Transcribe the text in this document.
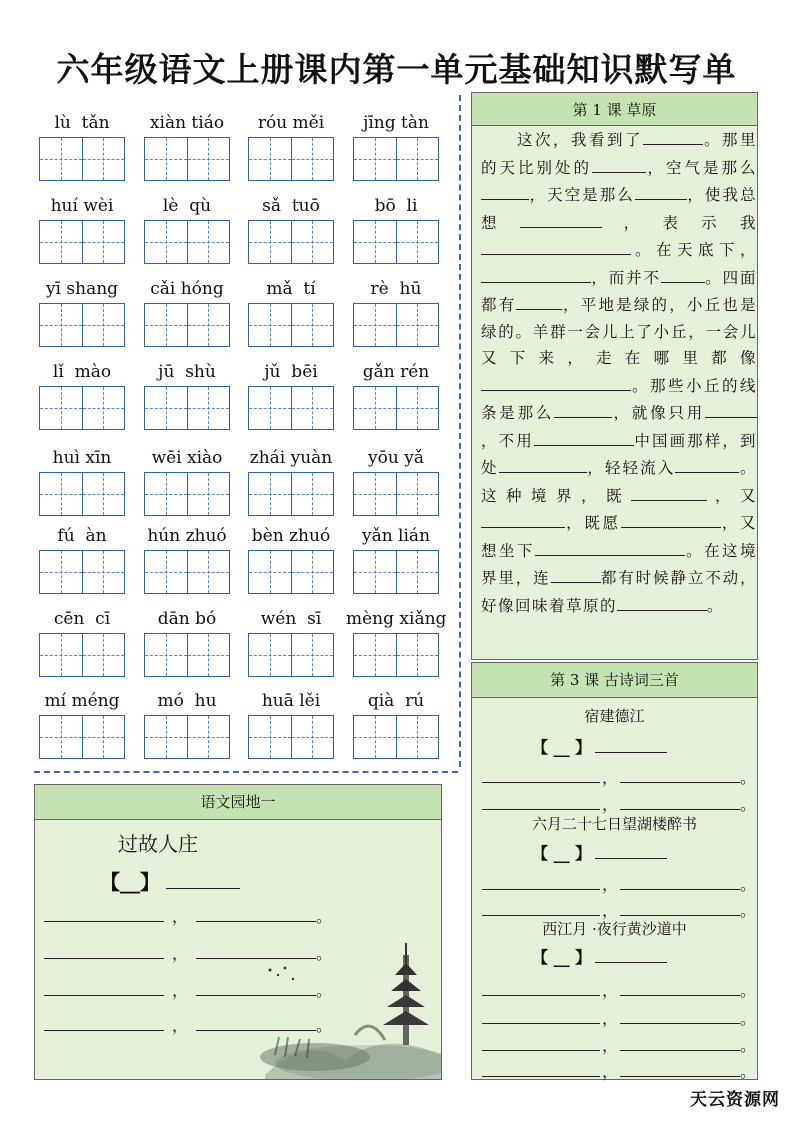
六年级语文上册课内第一单元基础知识默写单
lù  tǎn	xiàn tiáo	róu měi	jīng tàn
huí wèi	lè  qù	sǎ  tuō	bō  li
yī shang	cǎi hóng	mǎ  tí	rè  hū
lǐ  mào	jū  shù	jǔ  bēi	gǎn rén
huì xīn	wēi xiào	zhái yuàn	yōu yǎ
fú  àn	hún zhuó	bèn zhuó	yǎn lián
cēn  cī	dān bó	wén  sī	mèng xiǎng
mí méng	mó  hu	huā lěi	qià  rú
语文园地一
过故人庄
【__】
，	。
，	。
，	。
，	。
第 1 课 草原
　　这次，我看到了	。那里的天比别处的	，空气是那么，天空是那么	，使我总想	，表示我。在天底下，，而并不	。四面都有	，平地是绿的，小丘也是绿的。羊群一会儿上了小丘，一会儿又下来，走在哪里都像。那些小丘的线条是那么	，就像只用，不用	中国画那样，到处	，轻轻流入	。这种境界，既	，又，既愿	，又想坐下	。在这境界里，连	都有时候静立不动，好像回味着草原的	。
第 3 课 古诗词三首
宿建德江
【 __ 】
，	。
，	。
六月二十七日望湖楼醉书
【 __ 】
，	。
，	。
西江月 ·夜行黄沙道中
【 __ 】
，	。
，	。
，	。
，	。
天云资源网
